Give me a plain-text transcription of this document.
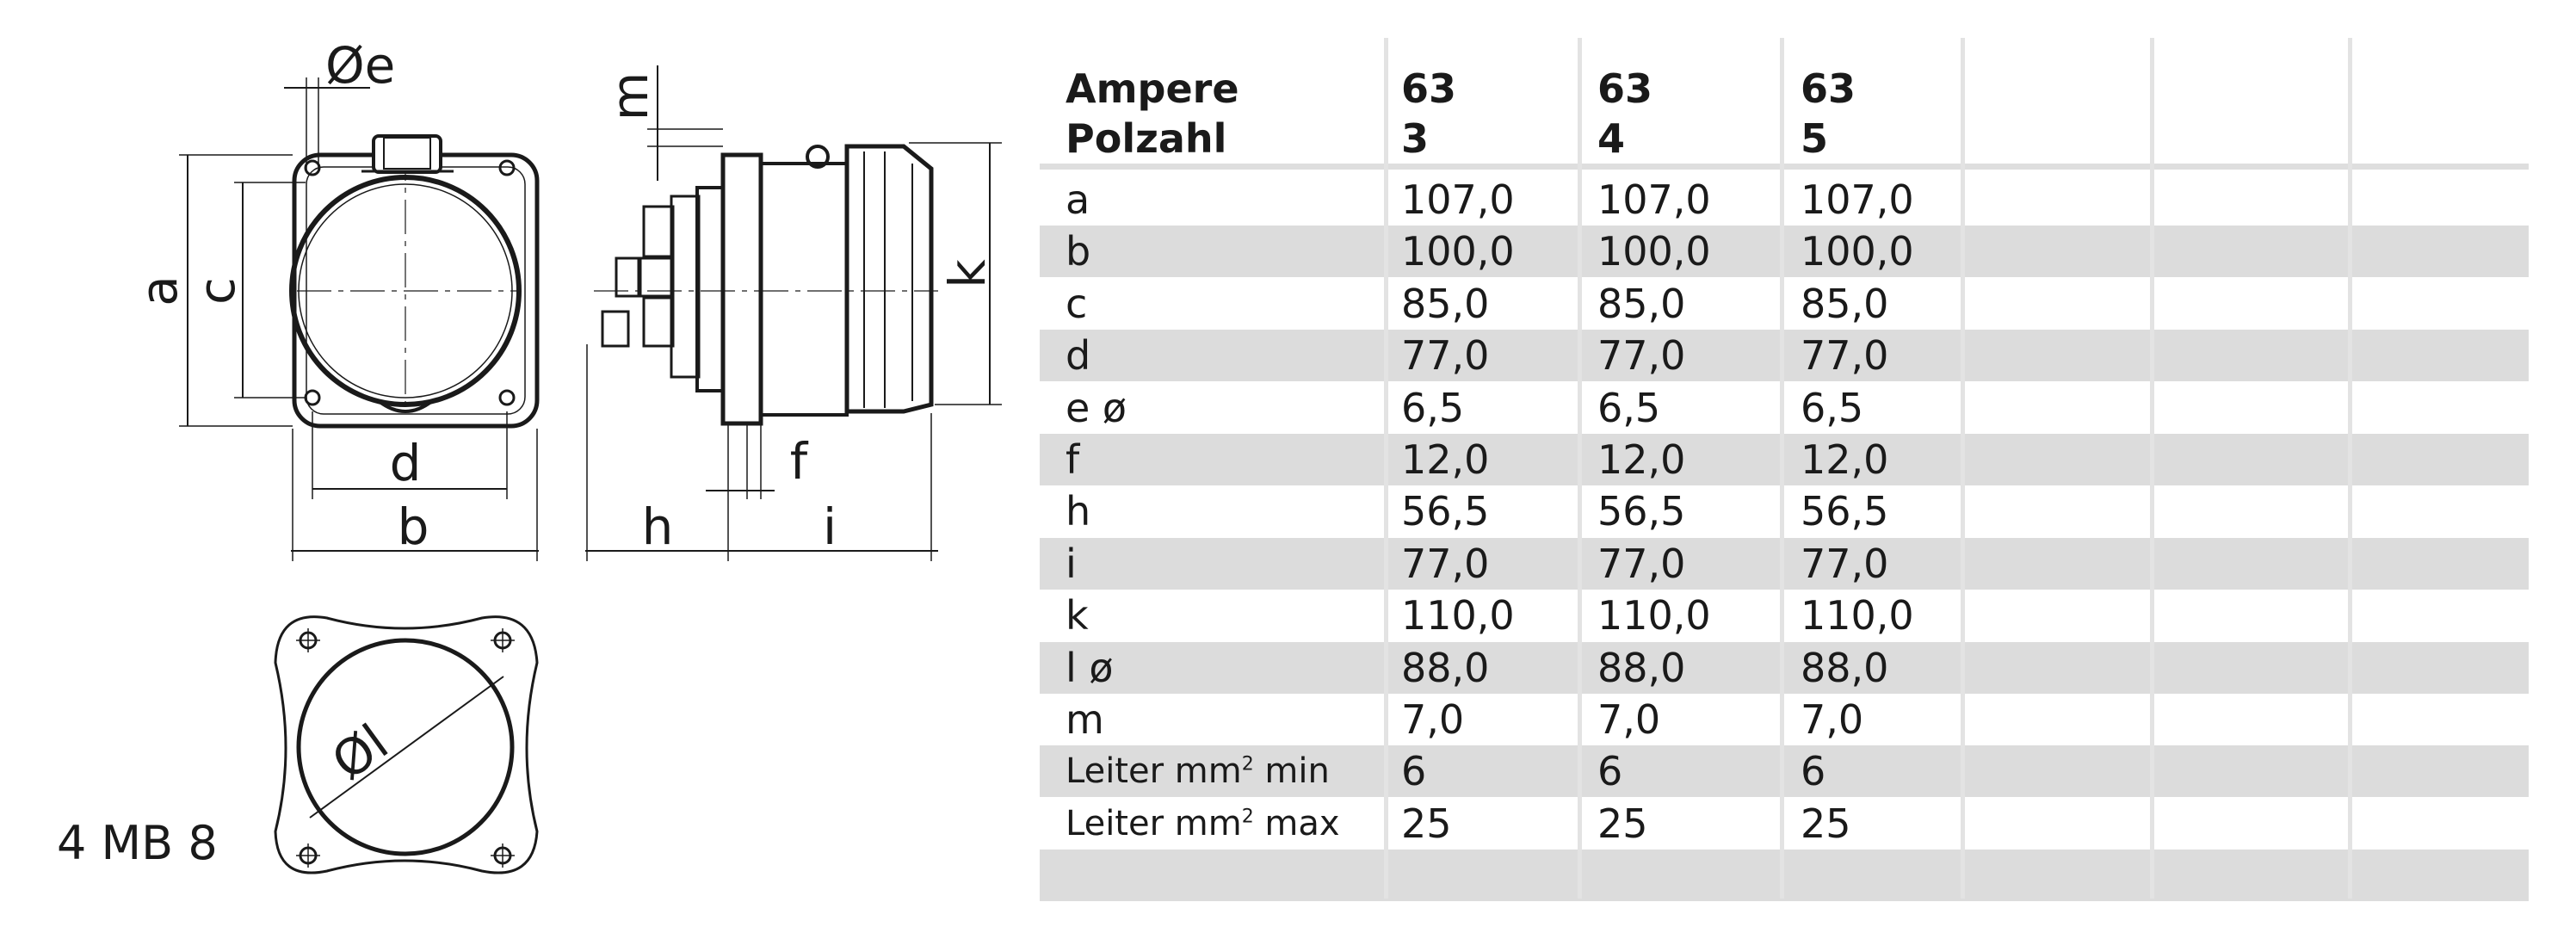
Øe
a c
d
b
m
k
f
h	i
Øl
4 MB 8
a	107,0 107,0 107,0
b	100,0 100,0 100,0
c	85,0	85,0	85,0
d	77,0	77,0	77,0
e ø	6,5	6,5	6,5
f	12,0	12,0	12,0
h	56,5	56,5	56,5
i	77,0	77,0	77,0
k	110,0 110,0 110,0
l ø	88,0	88,0	88,0
m	7,0	7,0	7,0
Leiter $mm^2$ min 6	6	6
Leiter $mm^2$ max 25	25	25
Ampere	63	63	63
Polzahl	3	4	5
